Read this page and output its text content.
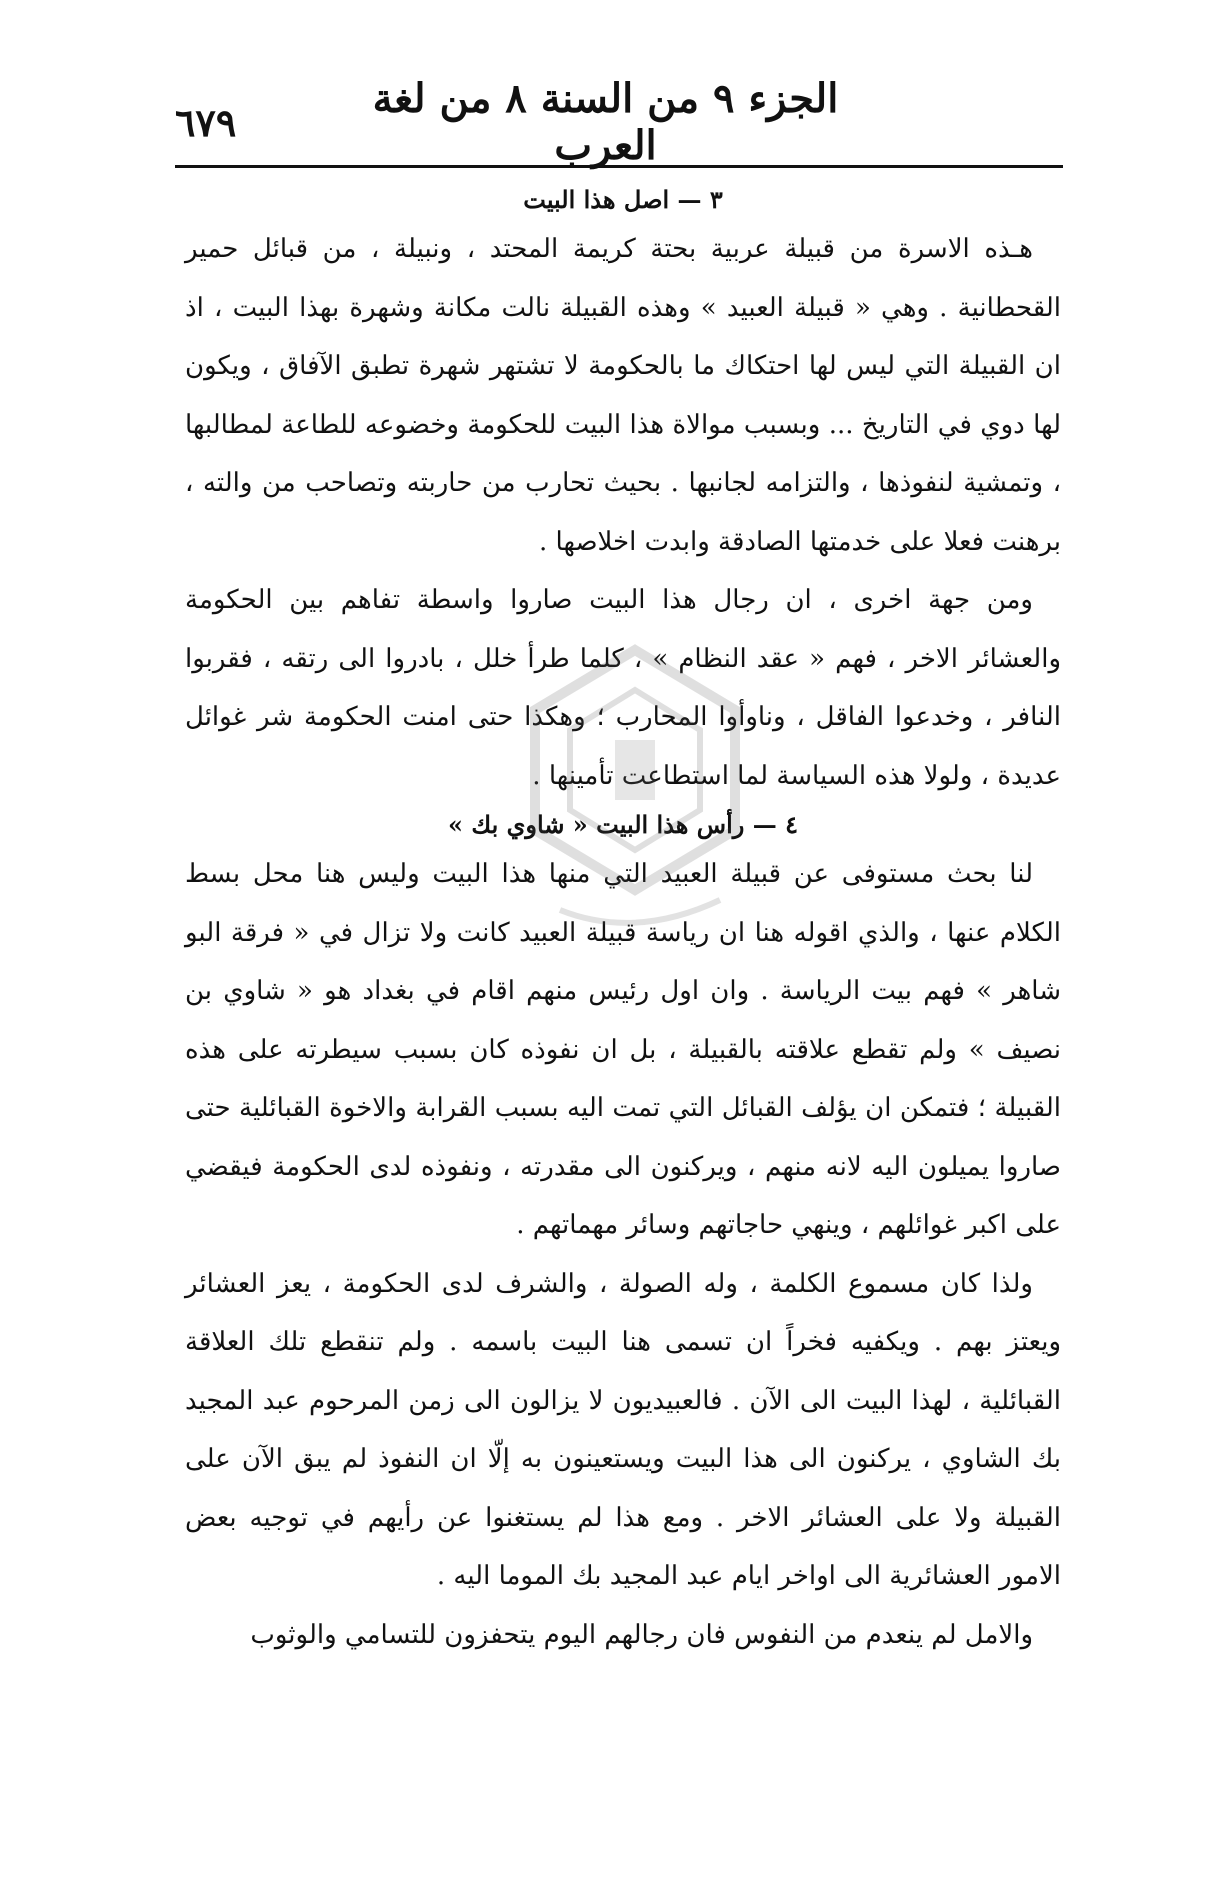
الجزء ٩ من السنة ٨ من لغة العرب
٦٧٩
٣ — اصل هذا البيت

هـذه الاسرة من قبيلة عربية بحتة كريمة المحتد ، ونبيلة ، من قبائل حمير القحطانية . وهي « قبيلة العبيد » وهذه القبيلة نالت مكانة وشهرة بهذا البيت ، اذ ان القبيلة التي ليس لها احتكاك ما بالحكومة لا تشتهر شهرة تطبق الآفاق ، ويكون لها دوي في التاريخ ... وبسبب موالاة هذا البيت للحكومة وخضوعه للطاعة لمطالبها ، وتمشية لنفوذها ، والتزامه لجانبها . بحيث تحارب من حاربته وتصاحب من والته ، برهنت فعلا على خدمتها الصادقة وابدت اخلاصها .

ومن جهة اخرى ، ان رجال هذا البيت صاروا واسطة تفاهم بين الحكومة والعشائر الاخر ، فهم « عقد النظام » ، كلما طرأ خلل ، بادروا الى رتقه ، فقربوا النافر ، وخدعوا الفاقل ، وناوأوا المحارب ؛ وهكذا حتى امنت الحكومة شر غوائل عديدة ، ولولا هذه السياسة لما استطاعت تأمينها .

٤ — رأس هذا البيت « شاوي بك »

لنا بحث مستوفى عن قبيلة العبيد التي منها هذا البيت وليس هنا محل بسط الكلام عنها ، والذي اقوله هنا ان رياسة قبيلة العبيد كانت ولا تزال في « فرقة البو شاهر » فهم بيت الرياسة . وان اول رئيس منهم اقام في بغداد هو « شاوي بن نصيف » ولم تقطع علاقته بالقبيلة ، بل ان نفوذه كان بسبب سيطرته على هذه القبيلة ؛ فتمكن ان يؤلف القبائل التي تمت اليه بسبب القرابة والاخوة القبائلية حتى صاروا يميلون اليه لانه منهم ، ويركنون الى مقدرته ، ونفوذه لدى الحكومة فيقضي على اكبر غوائلهم ، وينهي حاجاتهم وسائر مهماتهم .

ولذا كان مسموع الكلمة ، وله الصولة ، والشرف لدى الحكومة ، يعز العشائر ويعتز بهم . ويكفيه فخراً ان تسمى هنا البيت باسمه . ولم تنقطع تلك العلاقة القبائلية ، لهذا البيت الى الآن . فالعبيديون لا يزالون الى زمن المرحوم عبد المجيد بك الشاوي ، يركنون الى هذا البيت ويستعينون به إلّا ان النفوذ لم يبق الآن على القبيلة ولا على العشائر الاخر . ومع هذا لم يستغنوا عن رأيهم في توجيه بعض الامور العشائرية الى اواخر ايام عبد المجيد بك الموما اليه .

والامل لم ينعدم من النفوس فان رجالهم اليوم يتحفزون للتسامي والوثوب
